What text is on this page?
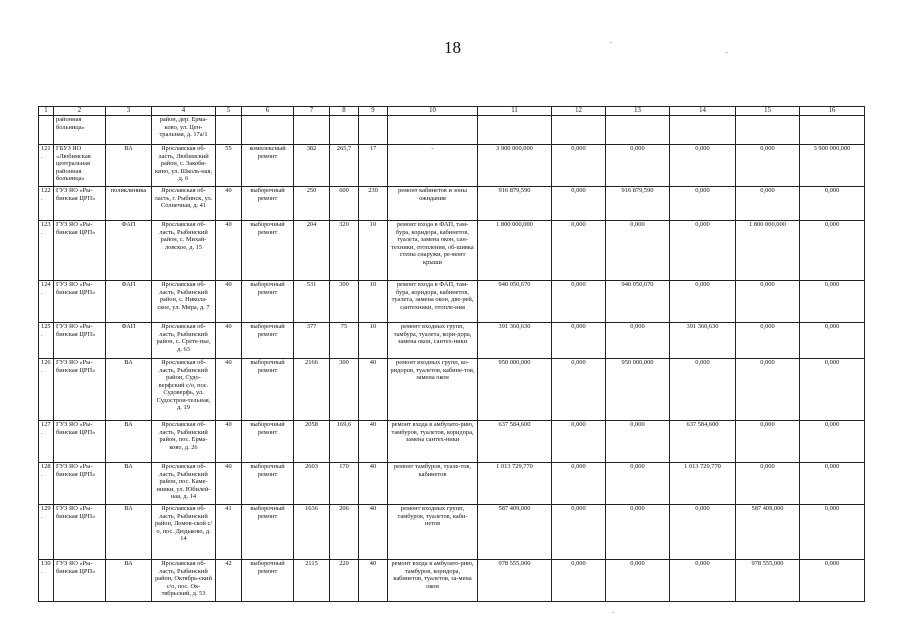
18
1	2	3	4	5	6	7	8	9	10	11	12	13	14	15	16
	районная больница»		район, дер. Ерма-ково, ул. Цен-тральная, д. 17а/1												
121.	ГБУЗ ЯО «Любимская центральная районная больница»	ВА	Ярославская об-ласть, Любимский район, с. Закобя-кино, ул. Школь-ная, д. 6	55	комплексный ремонт	382	265,7	17	-	3 900 000,000	0,000	0,000	0,000	0,000	3 900 000,000
122.	ГУЗ ЯО «Ры-бинская ЦРП»	поликлиника	Ярославская об-ласть, г. Рыбинск, ул. Солнечная, д. 41	40	выборочный ремонт	250	600	230	ремонт кабинетов и зоны ожидания	916 879,590	0,000	916 879,590	0,000	0,000	0,000
123.	ГУЗ ЯО «Ры-бинская ЦРП»	ФАП	Ярославская об-ласть, Рыбинский район, с. Михай-ловское, д. 15	40	выборочный ремонт	204	320	10	ремонт входа в ФАП, там-бура, коридора, кабинетов, туалета, замена окон, сан-техники, отопления, об-шивка стены снаружи, ре-монт крыши	1 800 000,000	0,000	0,000	0,000	1 800 000,000	0,000
124.	ГУЗ ЯО «Ры-бинская ЦРП»	ФАП	Ярославская об-ласть, Рыбинский район, с. Никола-ское, ул. Мира, д. 7	40	выборочный ремонт	531	300	10	ремонт входа в ФАП, там-бура, коридора, кабинетов, туалета, замена окон, две-рей, сантехники, отопле-ния	940 050,670	0,000	940 050,670	0,000	0,000	0,000
125.	ГУЗ ЯО «Ры-бинская ЦРП»	ФАП	Ярославская об-ласть, Рыбинский район, с. Срете-нье, д. 63	40	выборочный ремонт	377	75	10	ремонт входных групп, тамбура, туалета, кори-дора, замена окон, сантех-ники	391 360,630	0,000	0,000	391 360,630	0,000	0,000
126.	ГУЗ ЯО «Ры-бинская ЦРП»	ВА	Ярославская об-ласть, Рыбинский район, Судо-верфский с/о, пос. Судоверфь, ул. Судострои-тельная, д. 19	40	выборочный ремонт	2166	300	40	ремонт входных групп, ко-ридоров, туалетов, кабине-тов, замена окон	950 000,000	0,000	950 000,000	0,000	0,000	0,000
127.	ГУЗ ЯО «Ры-бинская ЦРП»	ВА	Ярославская об-ласть, Рыбинский район, пос. Ерма-ково, д. 26	40	выборочный ремонт	2058	169,6	40	ремонт входа в амбулато-рию, тамбуров, туалетов, коридора, замена сантех-ники	637 584,600	0,000	0,000	637 584,600	0,000	0,000
128.	ГУЗ ЯО «Ры-бинская ЦРП»	ВА	Ярославская об-ласть, Рыбинский район, пос. Каме-нники, ул. Юбилей-ная, д. 14	40	выборочный ремонт	2603	170	40	ремонт тамбуров, туале-тов, кабинетов	1 013 729,770	0,000	0,000	1 013 729,770	0,000	0,000
129.	ГУЗ ЯО «Ры-бинская ЦРП»	ВА	Ярославская об-ласть, Рыбинский район, Ломов-ской с/о, пос. Дюдьково, д. 14	41	выборочный ремонт	1636	206	40	ремонт входных групп, тамбуров, туалетов, каби-нетов	587 409,000	0,000	0,000	0,000	587 409,000	0,000
130.	ГУЗ ЯО «Ры-бинская ЦРП»	ВА	Ярославская об-ласть, Рыбинский район, Октябрь-ский с/о, пос. Ок-тябрьский, д. 53	42	выборочный ремонт	2115	220	40	ремонт входа в амбулато-рию, тамбуров, коридора, кабинетов, туалетов, за-мена окон	978 555,000	0,000	0,000	0,000	978 555,000	0,000
